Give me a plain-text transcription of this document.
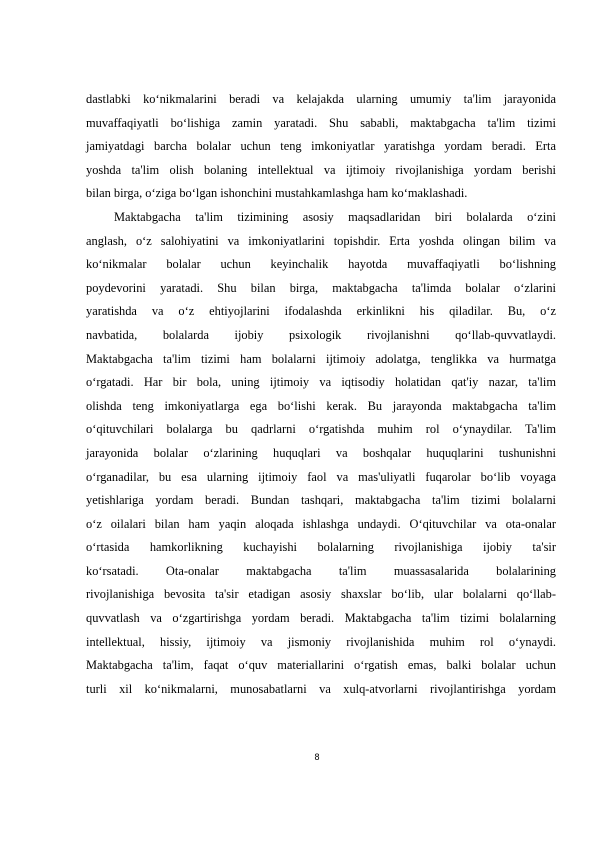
dastlabki ko‘nikmalarini beradi va kelajakda ularning umumiy ta'lim jarayonida
muvaffaqiyatli bo‘lishiga zamin yaratadi. Shu sababli, maktabgacha ta'lim tizimi
jamiyatdagi barcha bolalar uchun teng imkoniyatlar yaratishga yordam beradi. Erta
yoshda ta'lim olish bolaning intellektual va ijtimoiy rivojlanishiga yordam berishi
bilan birga, o‘ziga bo‘lgan ishonchini mustahkamlashga ham ko‘maklashadi.
Maktabgacha ta'lim tizimining asosiy maqsadlaridan biri bolalarda o‘zini
anglash, o‘z salohiyatini va imkoniyatlarini topishdir. Erta yoshda olingan bilim va
ko‘nikmalar bolalar uchun keyinchalik hayotda muvaffaqiyatli bo‘lishning
poydevorini yaratadi. Shu bilan birga, maktabgacha ta'limda bolalar o‘zlarini
yaratishda va o‘z ehtiyojlarini ifodalashda erkinlikni his qiladilar. Bu, o‘z
navbatida, bolalarda ijobiy psixologik rivojlanishni qo‘llab-quvvatlaydi.
Maktabgacha ta'lim tizimi ham bolalarni ijtimoiy adolatga, tenglikka va hurmatga
o‘rgatadi. Har bir bola, uning ijtimoiy va iqtisodiy holatidan qat'iy nazar, ta'lim
olishda teng imkoniyatlarga ega bo‘lishi kerak. Bu jarayonda maktabgacha ta'lim
o‘qituvchilari bolalarga bu qadrlarni o‘rgatishda muhim rol o‘ynaydilar. Ta'lim
jarayonida bolalar o‘zlarining huquqlari va boshqalar huquqlarini tushunishni
o‘rganadilar, bu esa ularning ijtimoiy faol va mas'uliyatli fuqarolar bo‘lib voyaga
yetishlariga yordam beradi. Bundan tashqari, maktabgacha ta'lim tizimi bolalarni
o‘z oilalari bilan ham yaqin aloqada ishlashga undaydi. O‘qituvchilar va ota-onalar
o‘rtasida hamkorlikning kuchayishi bolalarning rivojlanishiga ijobiy ta'sir
ko‘rsatadi. Ota-onalar maktabgacha ta'lim muassasalarida bolalarining
rivojlanishiga bevosita ta'sir etadigan asosiy shaxslar bo‘lib, ular bolalarni qo‘llab-
quvvatlash va o‘zgartirishga yordam beradi. Maktabgacha ta'lim tizimi bolalarning
intellektual, hissiy, ijtimoiy va jismoniy rivojlanishida muhim rol o‘ynaydi.
Maktabgacha ta'lim, faqat o‘quv materiallarini o‘rgatish emas, balki bolalar uchun
turli xil ko‘nikmalarni, munosabatlarni va xulq-atvorlarni rivojlantirishga yordam
8
